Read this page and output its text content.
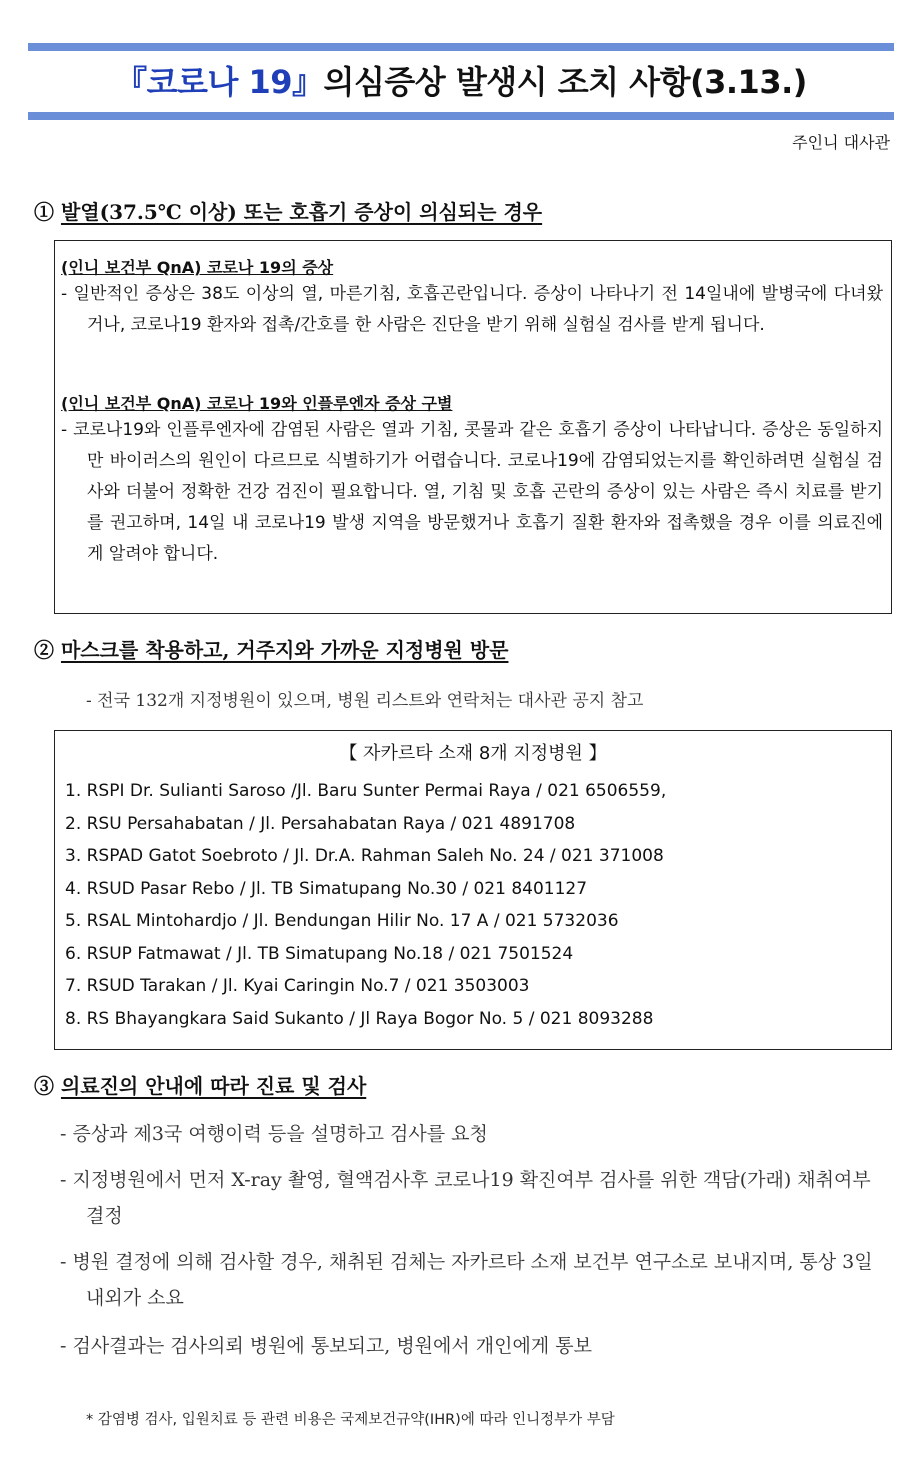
『코로나 19』의심증상 발생시 조치 사항(3.13.)
주인니 대사관
① 발열(37.5℃ 이상) 또는 호흡기 증상이 의심되는 경우
(인니 보건부 QnA) 코로나 19의 증상
- 일반적인 증상은 38도 이상의 열, 마른기침, 호흡곤란입니다. 증상이 나타나기 전 14일내에 발병국에 다녀왔거나, 코로나19 환자와 접촉/간호를 한 사람은 진단을 받기 위해 실험실 검사를 받게 됩니다.
(인니 보건부 QnA) 코로나 19와 인플루엔자 증상 구별
- 코로나19와 인플루엔자에 감염된 사람은 열과 기침, 콧물과 같은 호흡기 증상이 나타납니다. 증상은 동일하지만 바이러스의 원인이 다르므로 식별하기가 어렵습니다. 코로나19에 감염되었는지를 확인하려면 실험실 검사와 더불어 정확한 건강 검진이 필요합니다. 열, 기침 및 호흡 곤란의 증상이 있는 사람은 즉시 치료를 받기를 권고하며, 14일 내 코로나19 발생 지역을 방문했거나 호흡기 질환 환자와 접촉했을 경우 이를 의료진에게 알려야 합니다.
② 마스크를 착용하고, 거주지와 가까운 지정병원 방문
- 전국 132개 지정병원이 있으며, 병원 리스트와 연락처는 대사관 공지 참고
【 자카르타 소재 8개 지정병원 】
1. RSPI Dr. Sulianti Saroso /Jl. Baru Sunter Permai Raya / 021 6506559,
2. RSU Persahabatan / Jl. Persahabatan Raya / 021 4891708
3. RSPAD Gatot Soebroto / Jl. Dr.A. Rahman Saleh No. 24 / 021 371008
4. RSUD Pasar Rebo / Jl. TB Simatupang No.30 / 021 8401127
5. RSAL Mintohardjo / Jl. Bendungan Hilir No. 17 A / 021 5732036
6. RSUP Fatmawat / Jl. TB Simatupang No.18 / 021 7501524
7. RSUD Tarakan / Jl. Kyai Caringin No.7 / 021 3503003
8. RS Bhayangkara Said Sukanto / Jl Raya Bogor No. 5 / 021 8093288
③ 의료진의 안내에 따라 진료 및 검사
- 증상과 제3국 여행이력 등을 설명하고 검사를 요청
- 지정병원에서 먼저 X-ray 촬영, 혈액검사후 코로나19 확진여부 검사를 위한 객담(가래) 채취여부 결정
- 병원 결정에 의해 검사할 경우, 채취된 검체는 자카르타 소재 보건부 연구소로 보내지며, 통상 3일 내외가 소요
- 검사결과는 검사의뢰 병원에 통보되고, 병원에서 개인에게 통보
* 감염병 검사, 입원치료 등 관련 비용은 국제보건규약(IHR)에 따라 인니정부가 부담
